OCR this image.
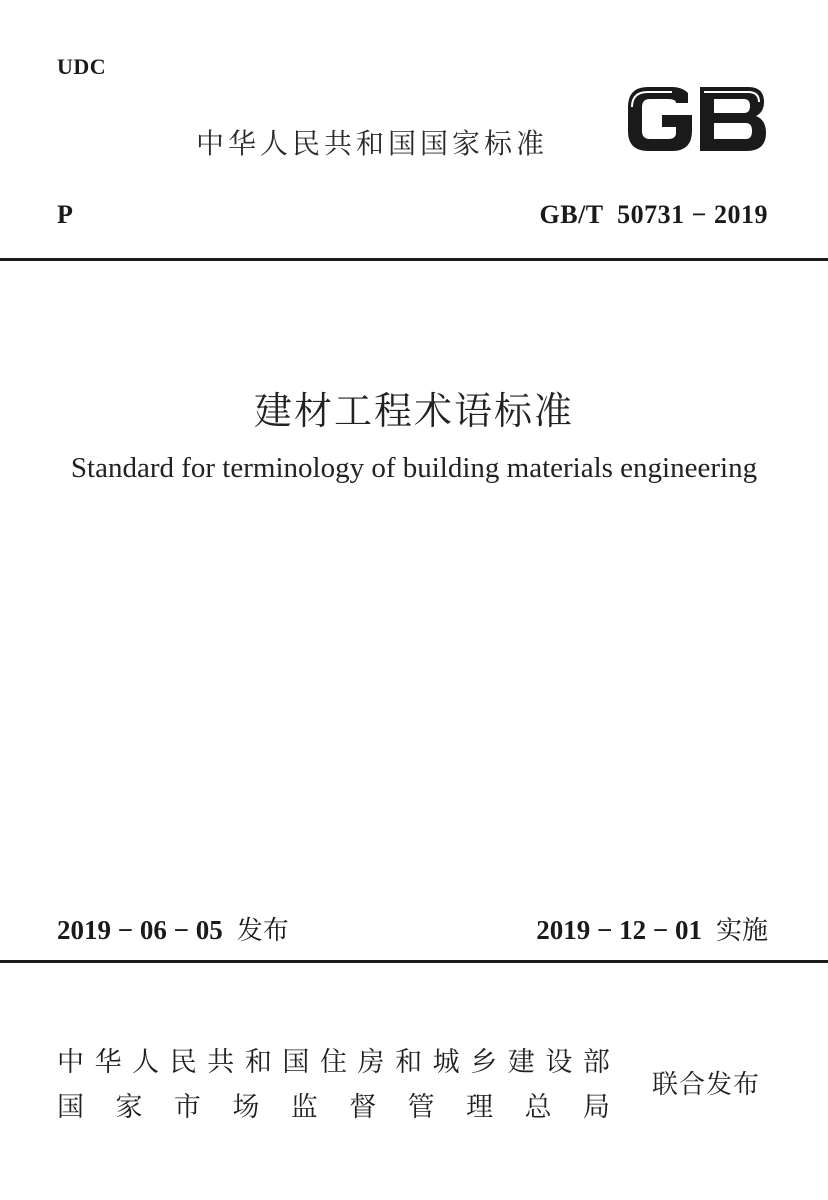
UDC
中华人民共和国国家标准
P	GB/T  50731 − 2019
建材工程术语标准
Standard for terminology of building materials engineering
2019 − 06 − 05 发布	2019 − 12 − 01 实施
中 华 人 民 共 和 国 住 房 和 城 乡 建 设 部
国 家 市 场 监 督 管 理 总 局
联合发布
